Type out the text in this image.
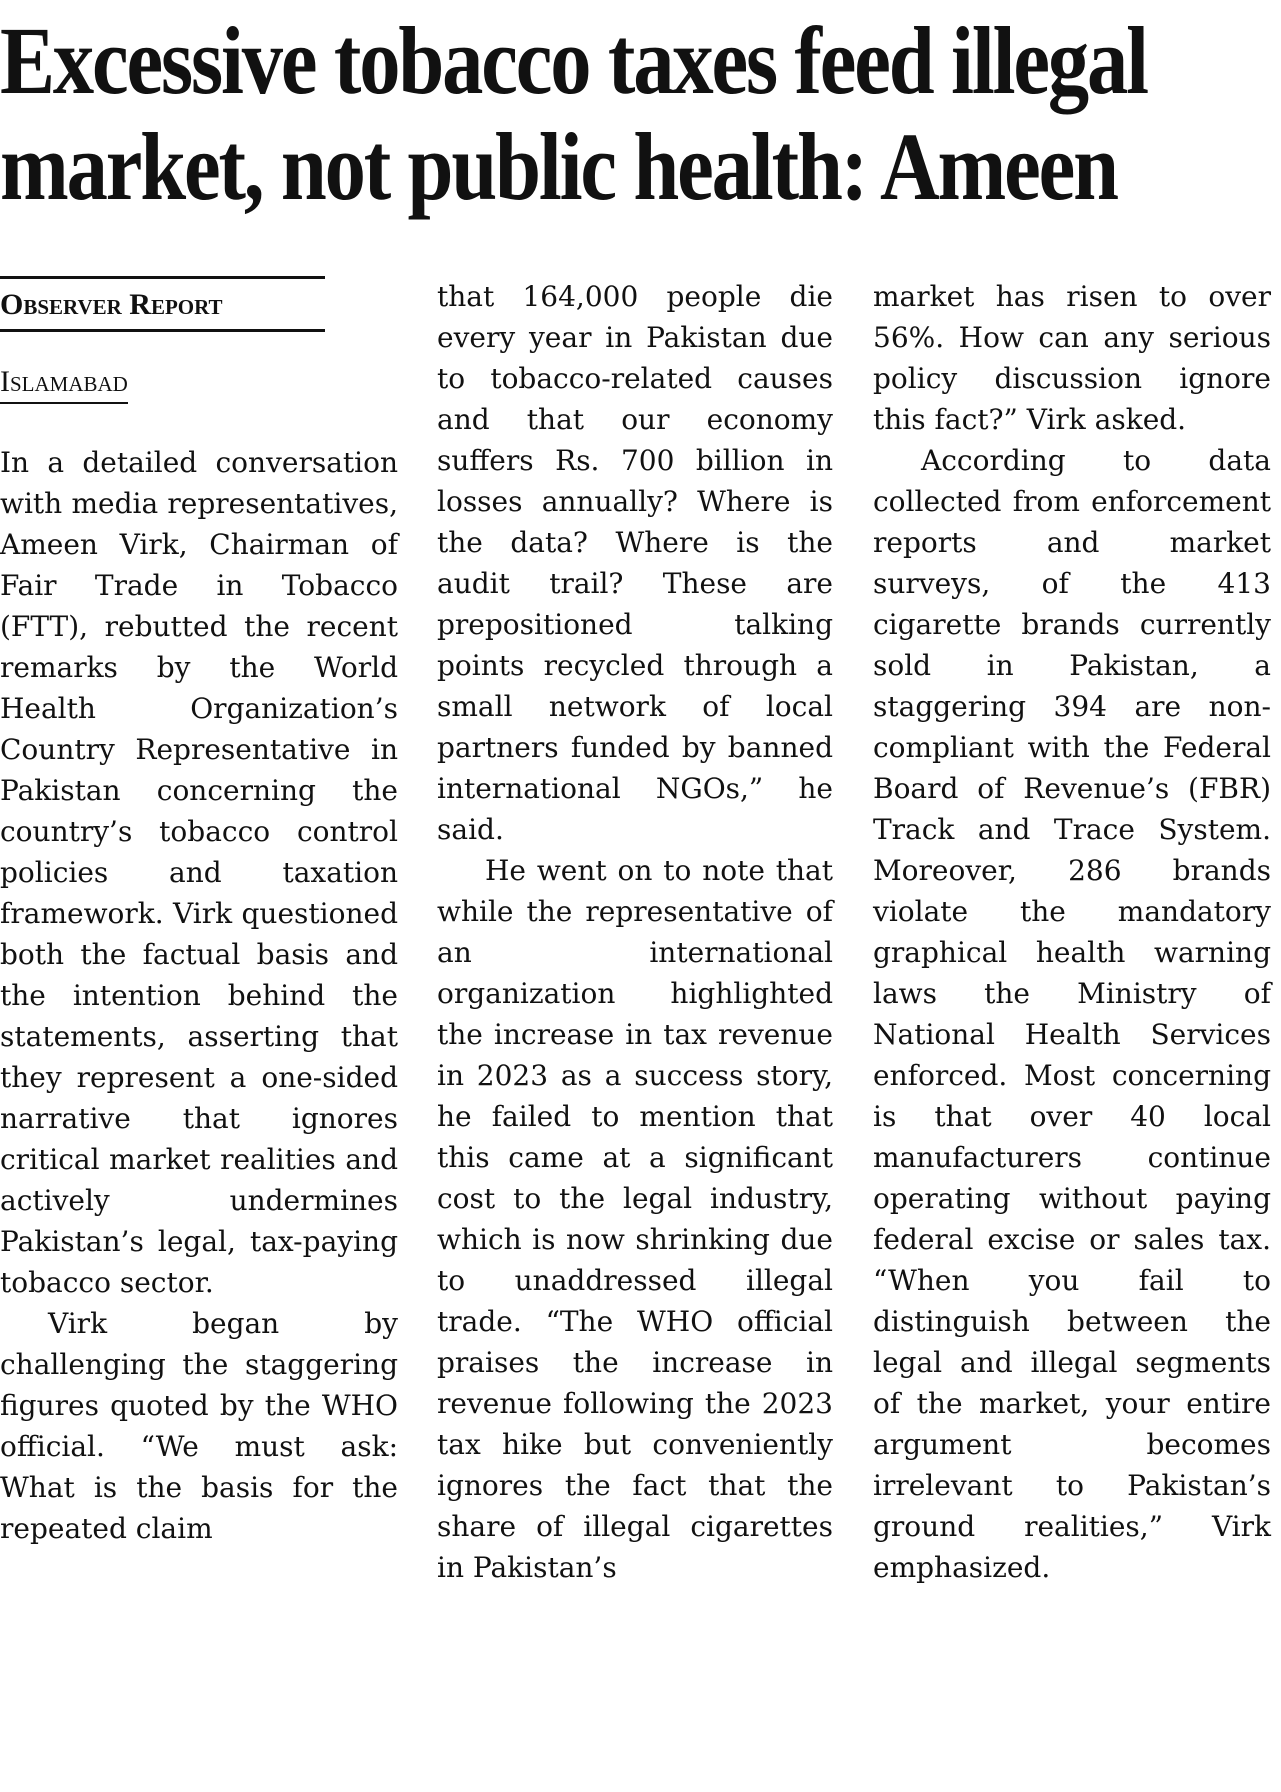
Excessive tobacco taxes feed illegal
market, not public health: Ameen
Observer Report
Islamabad

In a detailed conversation with media representatives, Ameen Virk, Chairman of Fair Trade in Tobacco (FTT), rebutted the recent remarks by the World Health Organization’s Country Representative in Pakistan concerning the country’s tobacco control policies and taxation framework. Virk questioned both the factual basis and the intention behind the statements, asserting that they represent a one-sided narrative that ignores critical market realities and actively undermines Pakistan’s legal, tax-paying tobacco sector.

Virk began by challenging the staggering figures quoted by the WHO official. “We must ask: What is the basis for the repeated claim

that 164,000 people die every year in Pakistan due to tobacco-related causes and that our economy suffers Rs. 700 billion in losses annually? Where is the data? Where is the audit trail? These are prepositioned talking points recycled through a small network of local partners funded by banned international NGOs,” he said.

He went on to note that while the representative of an international organization highlighted the increase in tax revenue in 2023 as a success story, he failed to mention that this came at a significant cost to the legal industry, which is now shrinking due to unaddressed illegal trade. “The WHO official praises the increase in revenue following the 2023 tax hike but conveniently ignores the fact that the share of illegal cigarettes in Pakistan’s

market has risen to over 56%. How can any serious policy discussion ignore this fact?” Virk asked.

According to data collected from enforcement reports and market surveys, of the 413 cigarette brands currently sold in Pakistan, a staggering 394 are non-compliant with the Federal Board of Revenue’s (FBR) Track and Trace System. Moreover, 286 brands violate the mandatory graphical health warning laws the Ministry of National Health Services enforced. Most concerning is that over 40 local manufacturers continue operating without paying federal excise or sales tax. “When you fail to distinguish between the legal and illegal segments of the market, your entire argument becomes irrelevant to Pakistan’s ground realities,” Virk emphasized.
